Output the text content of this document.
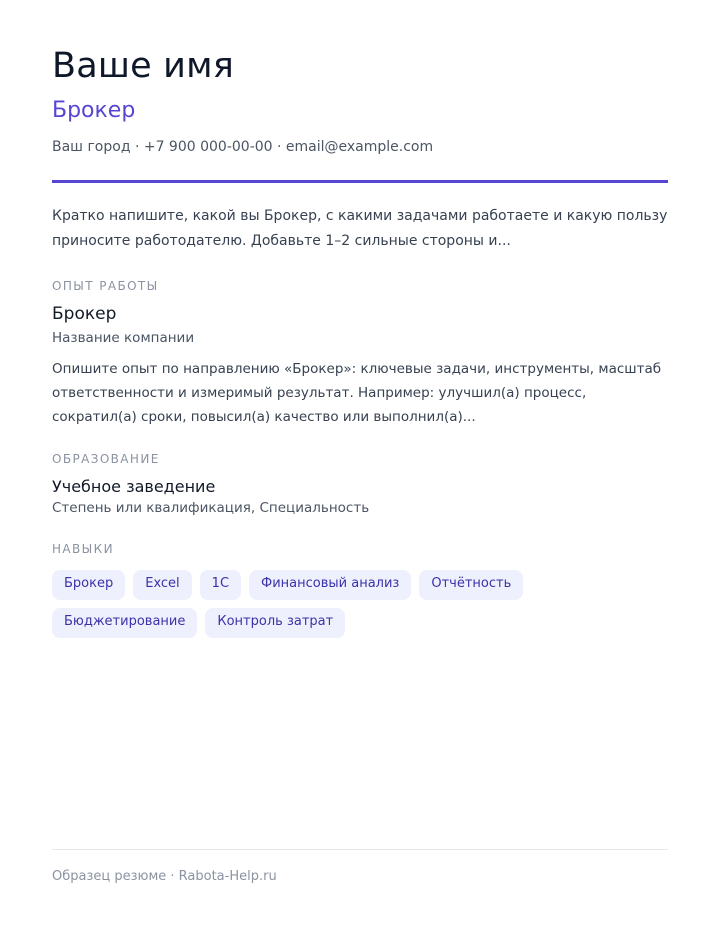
Ваше имя
Брокер
Ваш город · +7 900 000-00-00 · email@example.com
Кратко напишите, какой вы Брокер, с какими задачами работаете и какую пользу приносите работодателю. Добавьте 1–2 сильные стороны и...
ОПЫТ РАБОТЫ
Брокер
Название компании
Опишите опыт по направлению «Брокер»: ключевые задачи, инструменты, масштаб ответственности и измеримый результат. Например: улучшил(а) процесс, сократил(а) сроки, повысил(а) качество или выполнил(а)...
ОБРАЗОВАНИЕ
Учебное заведение
Степень или квалификация, Специальность
НАВЫКИ
Брокер	Excel	1С	Финансовый анализ	Отчётность
Бюджетирование	Контроль затрат
Образец резюме · Rabota-Help.ru
